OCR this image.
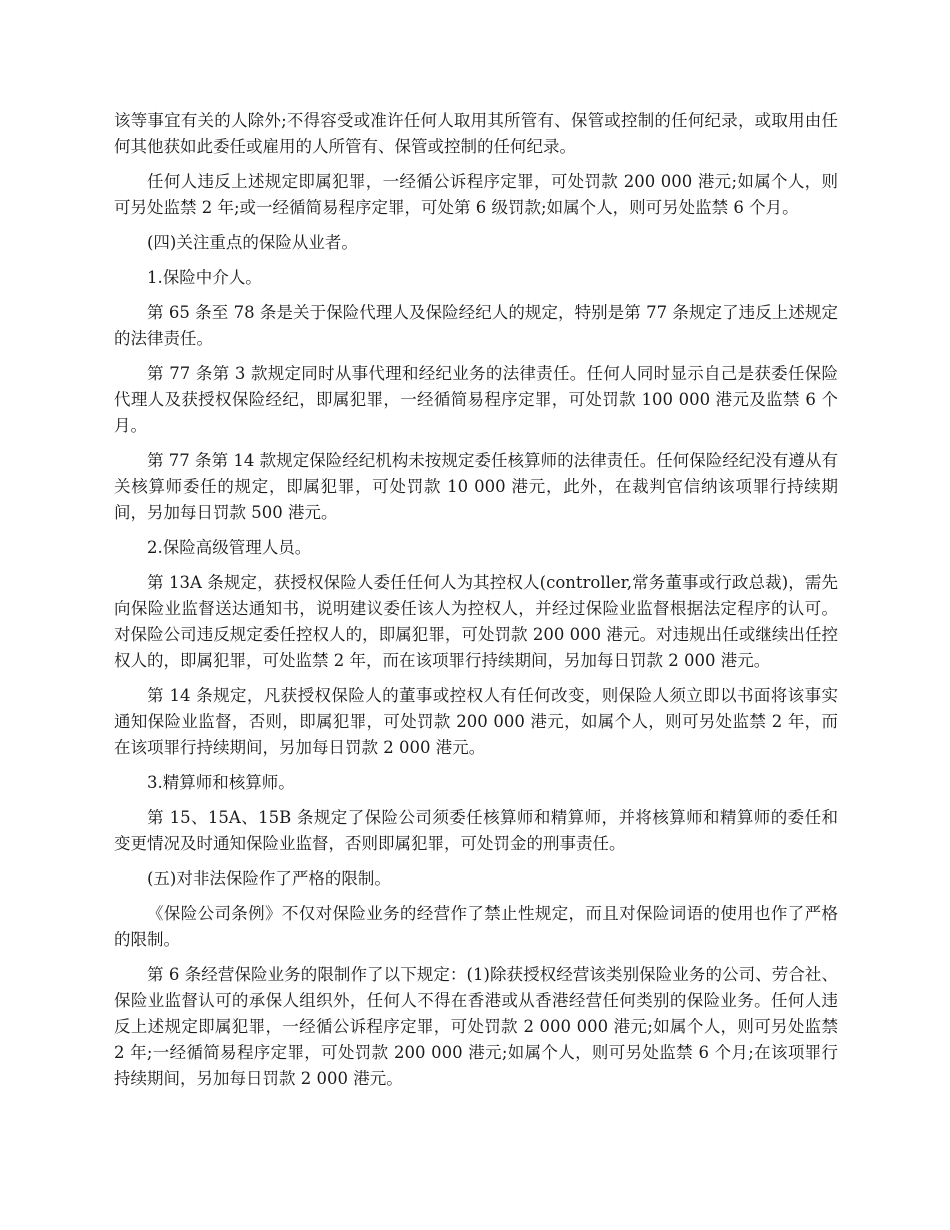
该等事宜有关的人除外;不得容受或准许任何人取用其所管有、保管或控制的任何纪录，或取用由任何其他获如此委任或雇用的人所管有、保管或控制的任何纪录。

任何人违反上述规定即属犯罪，一经循公诉程序定罪，可处罚款 200 000 港元;如属个人，则可另处监禁 2 年;或一经循简易程序定罪，可处第 6 级罚款;如属个人，则可另处监禁 6 个月。

(四)关注重点的保险从业者。

1.保险中介人。

第 65 条至 78 条是关于保险代理人及保险经纪人的规定，特别是第 77 条规定了违反上述规定的法律责任。

第 77 条第 3 款规定同时从事代理和经纪业务的法律责任。任何人同时显示自己是获委任保险代理人及获授权保险经纪，即属犯罪，一经循简易程序定罪，可处罚款 100 000 港元及监禁 6 个月。

第 77 条第 14 款规定保险经纪机构未按规定委任核算师的法律责任。任何保险经纪没有遵从有关核算师委任的规定，即属犯罪，可处罚款 10 000 港元，此外，在裁判官信纳该项罪行持续期间，另加每日罚款 500 港元。

2.保险高级管理人员。

第 13A 条规定，获授权保险人委任任何人为其控权人(controller,常务董事或行政总裁)，需先向保险业监督送达通知书，说明建议委任该人为控权人，并经过保险业监督根据法定程序的认可。对保险公司违反规定委任控权人的，即属犯罪，可处罚款 200 000 港元。对违规出任或继续出任控权人的，即属犯罪，可处监禁 2 年，而在该项罪行持续期间，另加每日罚款 2 000 港元。

第 14 条规定，凡获授权保险人的董事或控权人有任何改变，则保险人须立即以书面将该事实通知保险业监督，否则，即属犯罪，可处罚款 200 000 港元，如属个人，则可另处监禁 2 年，而在该项罪行持续期间，另加每日罚款 2 000 港元。

3.精算师和核算师。

第 15、15A、15B 条规定了保险公司须委任核算师和精算师，并将核算师和精算师的委任和变更情况及时通知保险业监督，否则即属犯罪，可处罚金的刑事责任。

(五)对非法保险作了严格的限制。

《保险公司条例》不仅对保险业务的经营作了禁止性规定，而且对保险词语的使用也作了严格的限制。

第 6 条经营保险业务的限制作了以下规定：(1)除获授权经营该类别保险业务的公司、劳合社、保险业监督认可的承保人组织外，任何人不得在香港或从香港经营任何类别的保险业务。任何人违反上述规定即属犯罪，一经循公诉程序定罪，可处罚款 2 000 000 港元;如属个人，则可另处监禁 2 年;一经循简易程序定罪，可处罚款 200 000 港元;如属个人，则可另处监禁 6 个月;在该项罪行持续期间，另加每日罚款 2 000 港元。
